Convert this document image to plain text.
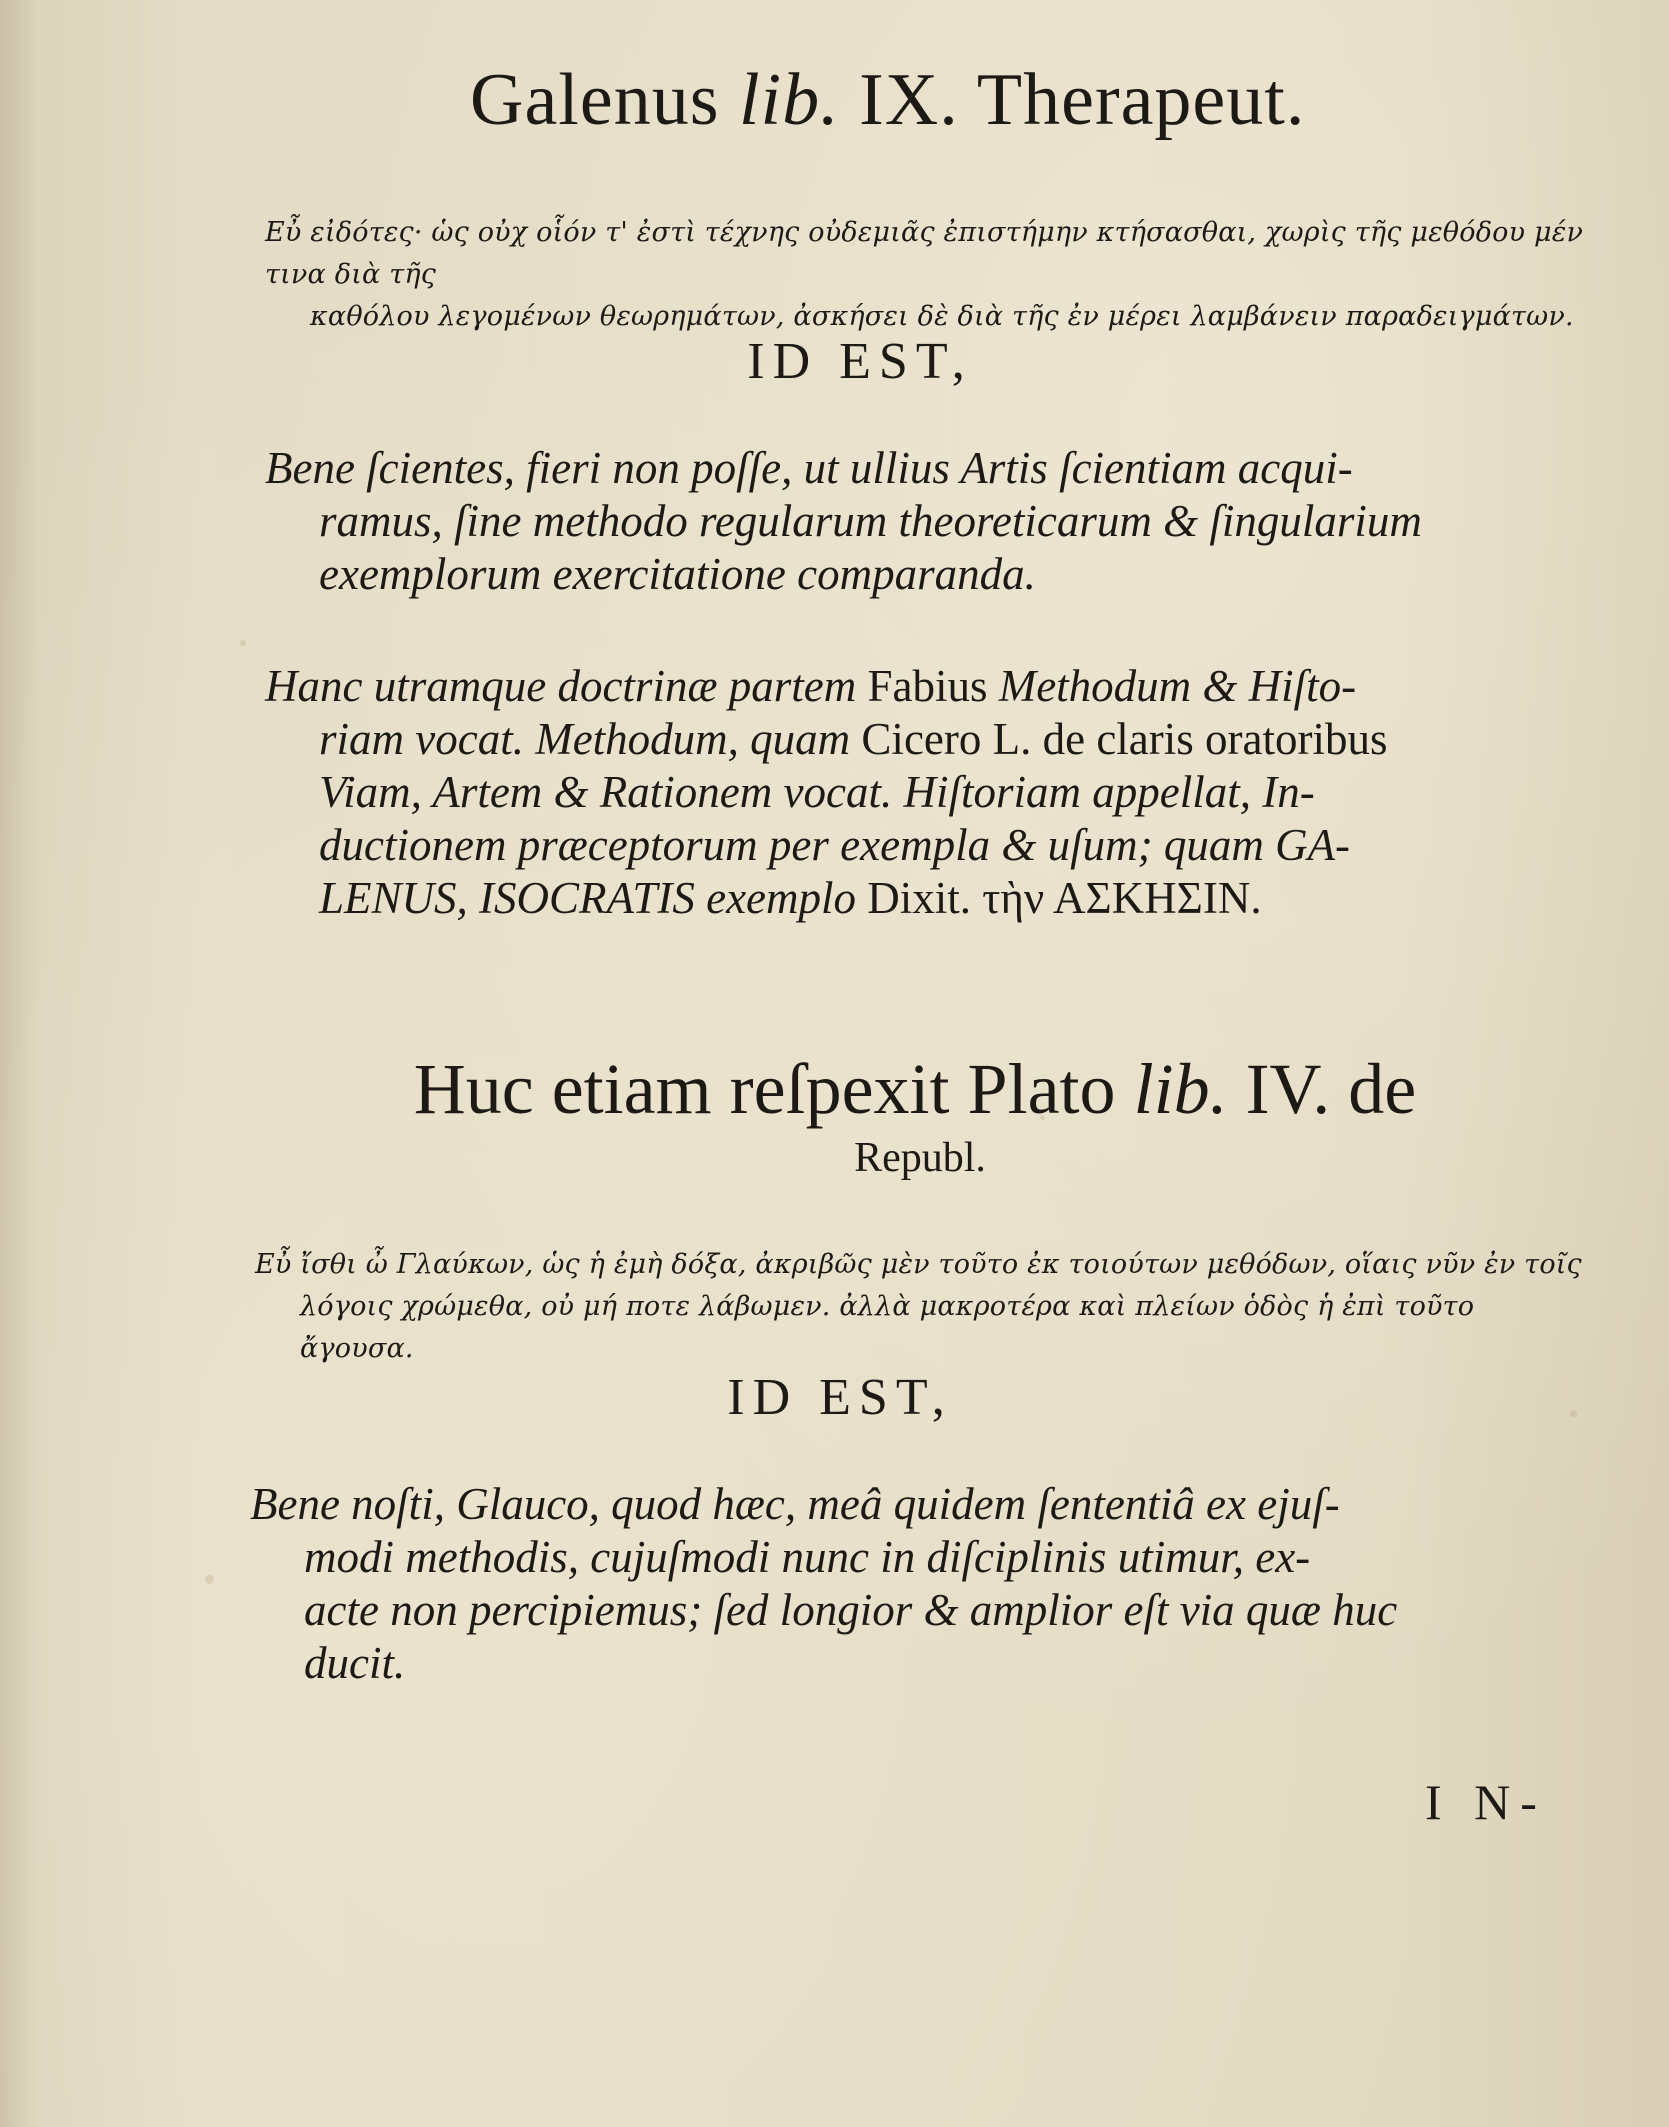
Galenus lib. IX. Therapeut.
Εὖ εἰδότες· ὡς οὐχ οἷόν τ' ἐστὶ τέχνης οὐδεμιᾶς ἐπιστήμην κτήσασθαι, χωρὶς τῆς μεθόδου μέν τινα διὰ τῆς
καθόλου λεγομένων θεωρημάτων, ἀσκήσει δὲ διὰ τῆς ἐν μέρει λαμβάνειν παραδειγμάτων.
ID EST,
Bene ſcientes, fieri non poſſe, ut ullius Artis ſcientiam acqui-
ramus, ſine methodo regularum theoreticarum & ſingularium
exemplorum exercitatione comparanda.
Hanc utramque doctrinæ partem Fabius Methodum & Hiſto-
riam vocat. Methodum, quam Cicero L. de claris oratoribus
Viam, Artem & Rationem vocat. Hiſtoriam appellat, In-
ductionem præceptorum per exempla & uſum; quam GA-
LENUS, ISOCRATIS exemplo Dixit. τὴν ΑΣΚΗΣΙΝ.
Huc etiam reſpexit Plato lib. IV. de
Republ.
Εὖ ἴσθι ὦ Γλαύκων, ὡς ἡ ἐμὴ δόξα, ἀκριβῶς μὲν τοῦτο ἐκ τοιούτων μεθόδων, οἵαις νῦν ἐν τοῖς
λόγοις χρώμεθα, οὐ μή ποτε λάβωμεν. ἀλλὰ μακροτέρα καὶ πλείων ὁδὸς ἡ ἐπὶ τοῦτο ἄγουσα.
ID EST,
Bene noſti, Glauco, quod hæc, meâ quidem ſententiâ ex ejuſ-
modi methodis, cujuſmodi nunc in diſciplinis utimur, ex-
acte non percipiemus; ſed longior & amplior eſt via quæ huc
ducit.
I N-
